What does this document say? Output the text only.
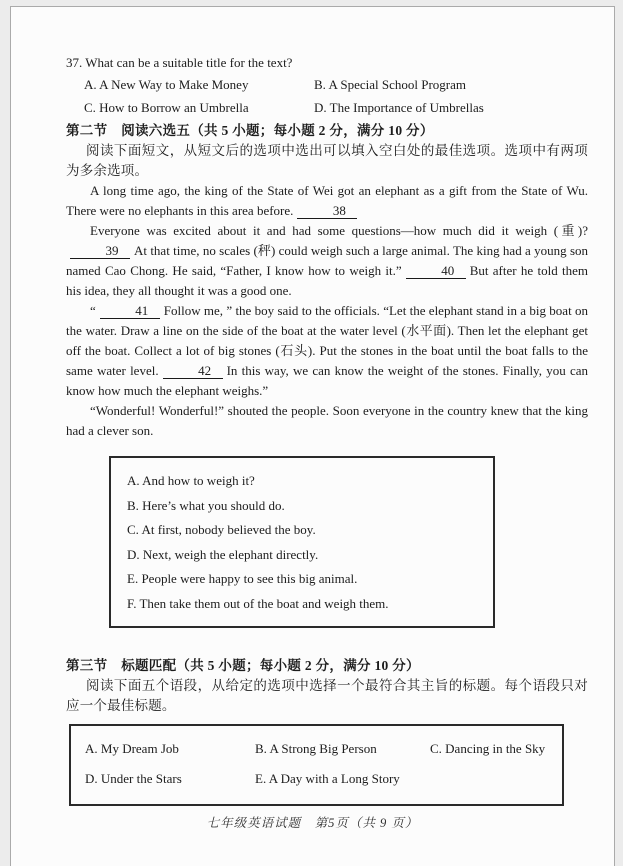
37. What can be a suitable title for the text?
A. A New Way to Make Money	B. A Special School Program
C. How to Borrow an Umbrella	D. The Importance of Umbrellas
第二节　阅读六选五（共 5 小题；每小题 2 分，满分 10 分）

阅读下面短文，从短文后的选项中选出可以填入空白处的最佳选项。选项中有两项为多余选项。

A long time ago, the king of the State of Wei got an elephant as a gift from the State of Wu. There were no elephants in this area before.	38

Everyone was excited about it and had some questions—how much did it weigh (重)?39 At that time, no scales (秤) could weigh such a large animal. The king had a young son named Cao Chong. He said, “Father, I know how to weigh it.”	40 But after he told them his idea, they all thought it was a good one.

“	41 Follow me, ” the boy said to the officials. “Let the elephant stand in a big boat on the water. Draw a line on the side of the boat at the water level (水平面). Then let the elephant get off the boat. Collect a lot of big stones (石头). Put the stones in the boat until the boat falls to the same water level.	42 In this way, we can know the weight of the stones. Finally, you can know how much the elephant weighs.”

“Wonderful! Wonderful!” shouted the people. Soon everyone in the country knew that the king had a clever son.

A. And how to weigh it?
B. Here’s what you should do.
C. At first, nobody believed the boy.
D. Next, weigh the elephant directly.
E. People were happy to see this big animal.
F. Then take them out of the boat and weigh them.
第三节　标题匹配（共 5 小题；每小题 2 分，满分 10 分）

阅读下面五个语段，从给定的选项中选择一个最符合其主旨的标题。每个语段只对应一个最佳标题。

A. My Dream Job	B. A Strong Big Person	C. Dancing in the Sky
D. Under the Stars	E. A Day with a Long Story
七年级英语试题　第5页（共 9 页）
